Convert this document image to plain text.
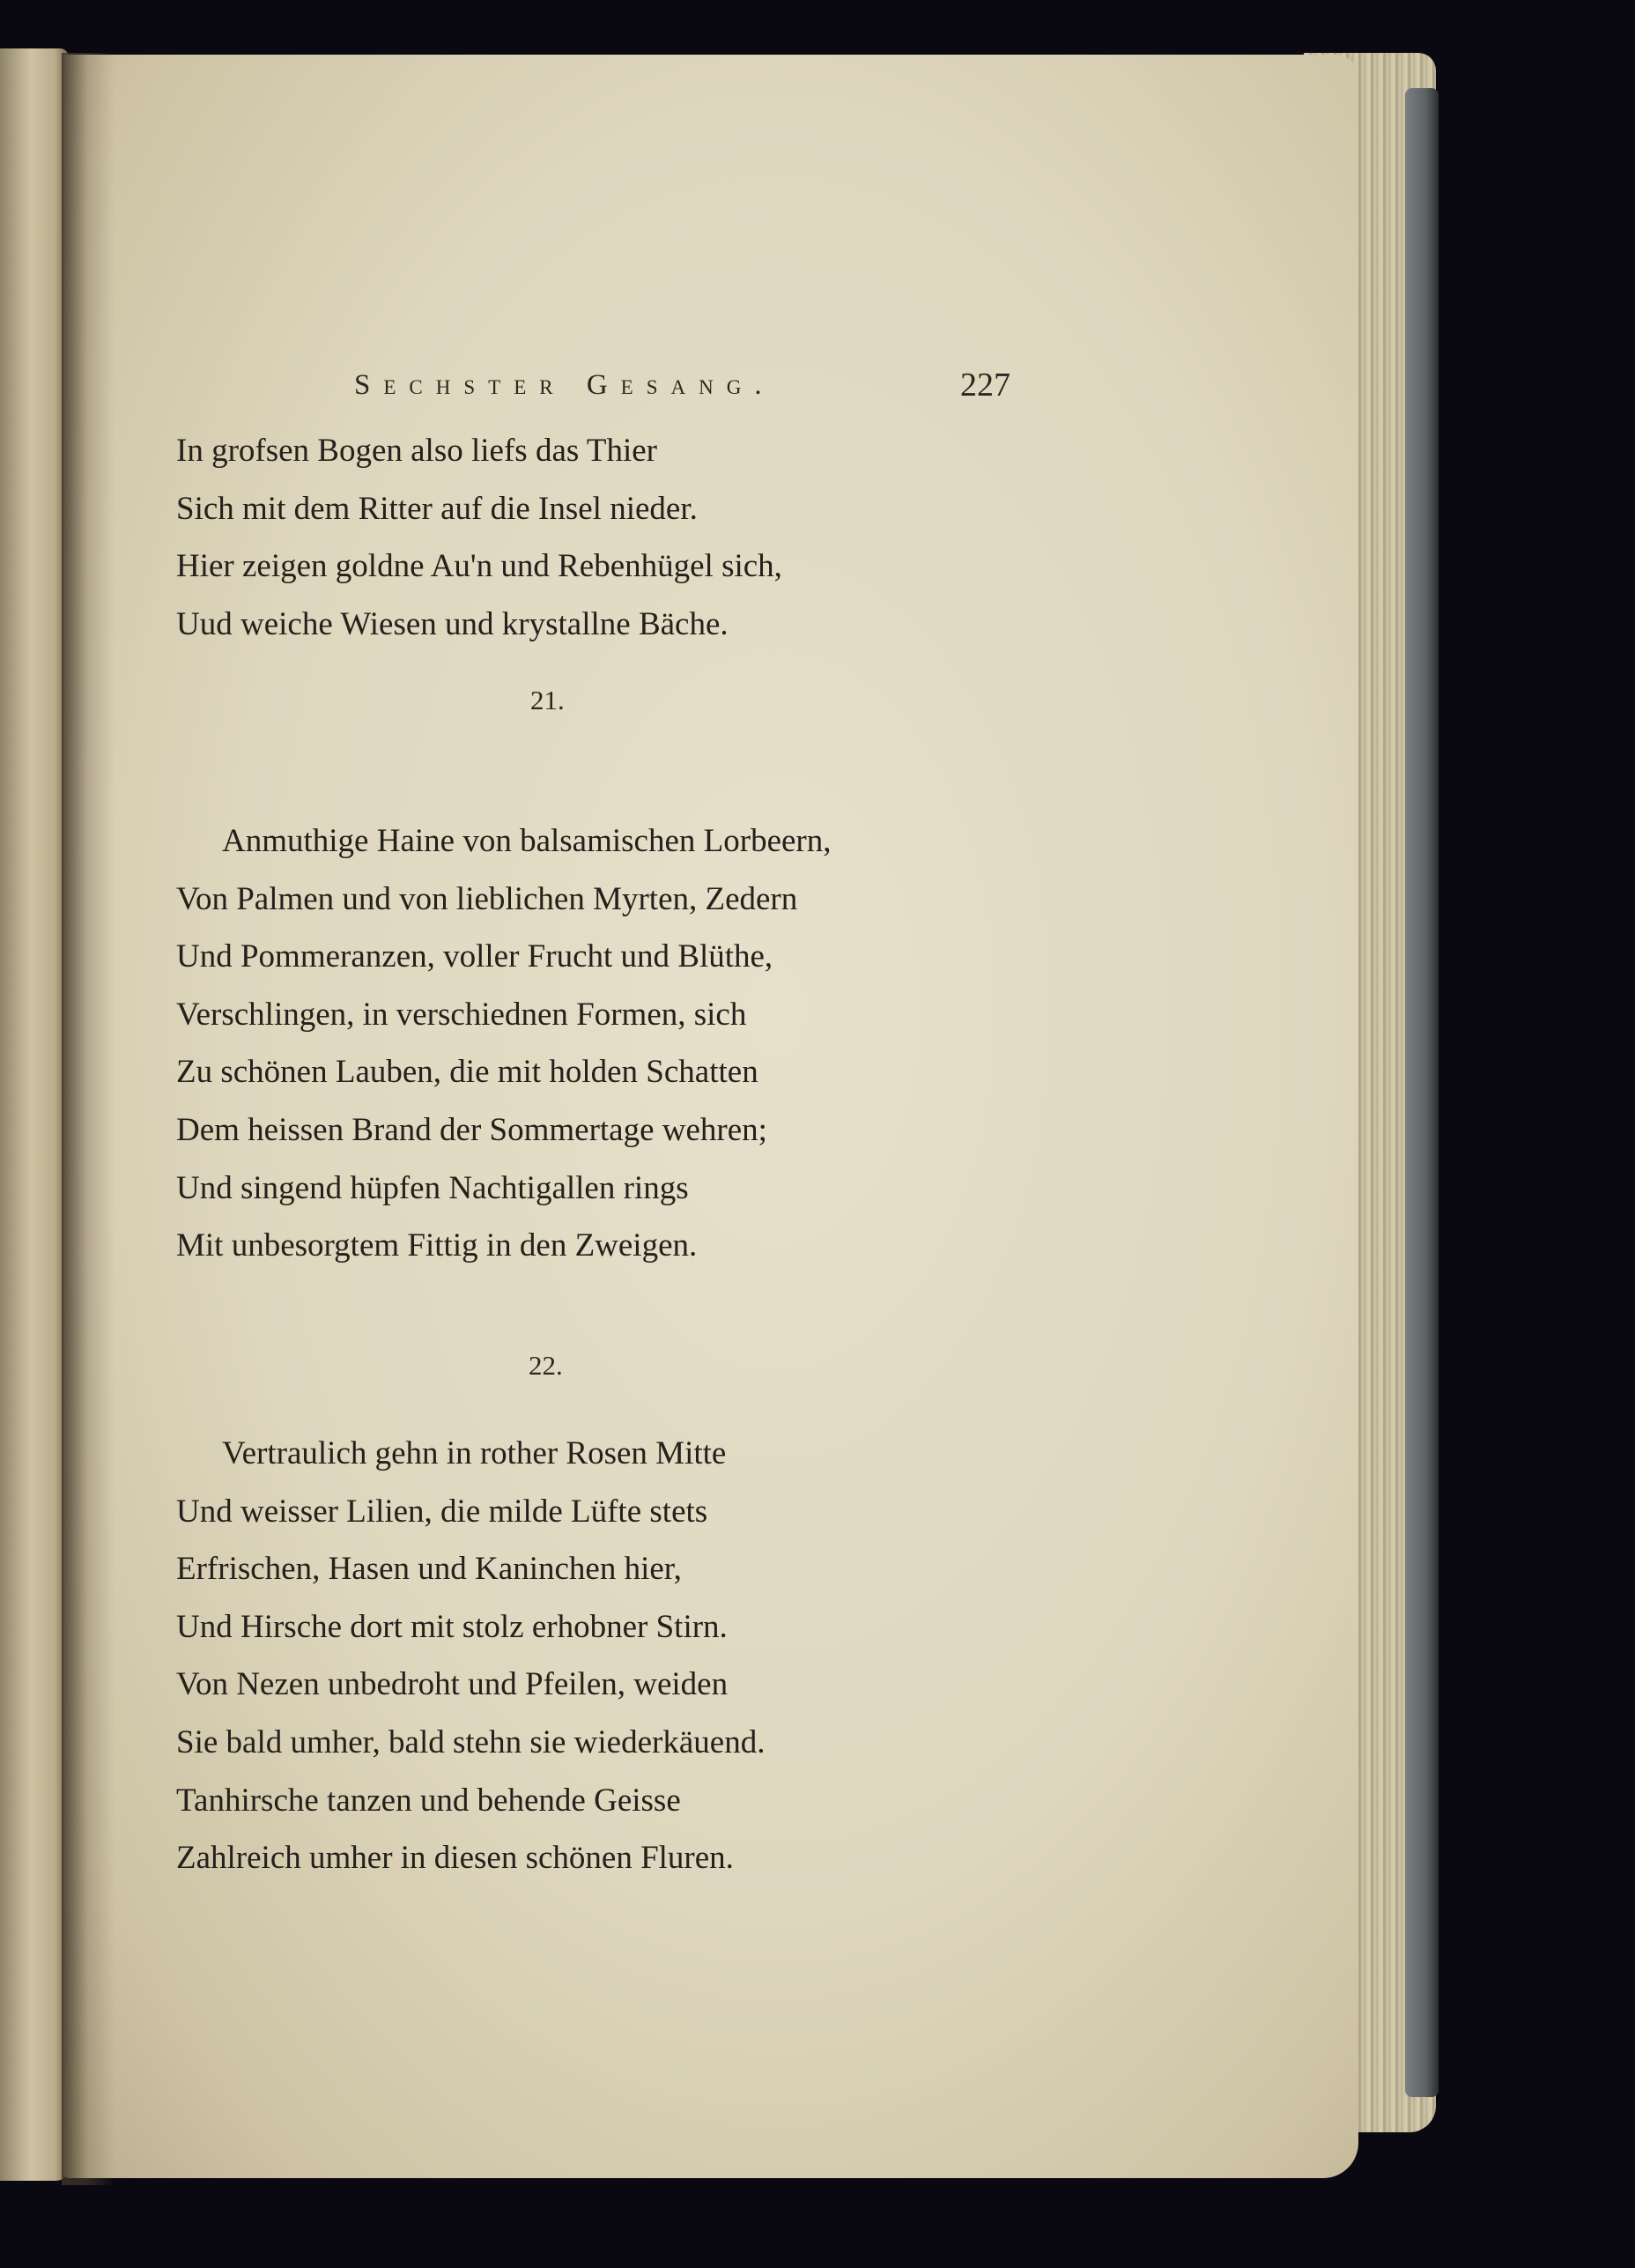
Sechster Gesang.	227
In grofsen Bogen also liefs das Thier
Sich mit dem Ritter auf die Insel nieder.
Hier zeigen goldne Au'n und Rebenhügel sich,
Uud weiche Wiesen und krystallne Bäche.
21.
Anmuthige Haine von balsamischen Lorbeern,
Von Palmen und von lieblichen Myrten, Zedern
Und Pommeranzen, voller Frucht und Blüthe,
Verschlingen, in verschiednen Formen, sich
Zu schönen Lauben, die mit holden Schatten
Dem heissen Brand der Sommertage wehren;
Und singend hüpfen Nachtigallen rings
Mit unbesorgtem Fittig in den Zweigen.
22.
Vertraulich gehn in rother Rosen Mitte
Und weisser Lilien, die milde Lüfte stets
Erfrischen, Hasen und Kaninchen hier,
Und Hirsche dort mit stolz erhobner Stirn.
Von Nezen unbedroht und Pfeilen, weiden
Sie bald umher, bald stehn sie wiederkäuend.
Tanhirsche tanzen und behende Geisse
Zahlreich umher in diesen schönen Fluren.
